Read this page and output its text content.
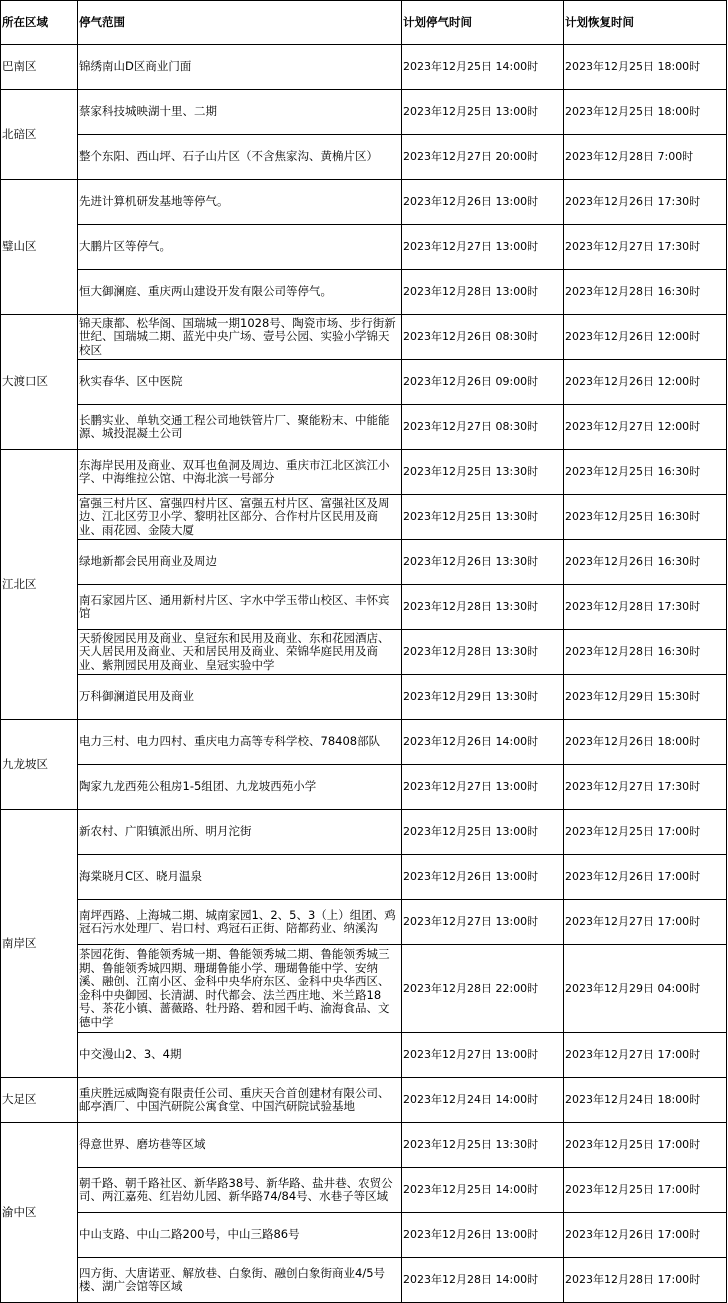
所在区域	停气范围	计划停气时间	计划恢复时间
巴南区	锦绣南山D区商业门面	2023年12月25日 14:00时	2023年12月25日 18:00时
北碚区	蔡家科技城映湖十里、二期	2023年12月25日 13:00时	2023年12月25日 18:00时
	整个东阳、西山坪、石子山片区（不含焦家沟、黄桷片区）	2023年12月27日 20:00时	2023年12月28日 7:00时
璧山区	先进计算机研发基地等停气。	2023年12月26日 13:00时	2023年12月26日 17:30时
	大鹏片区等停气。	2023年12月27日 13:00时	2023年12月27日 17:30时
	恒大御澜庭、重庆两山建设开发有限公司等停气。	2023年12月28日 13:00时	2023年12月28日 16:30时
大渡口区	锦天康都、松华阁、国瑞城一期1028号、陶瓷市场、步行街新世纪、国瑞城二期、蓝光中央广场、壹号公园、实验小学锦天校区	2023年12月26日 08:30时	2023年12月26日 12:00时
	秋实春华、区中医院	2023年12月26日 09:00时	2023年12月26日 12:00时
	长鹏实业、单轨交通工程公司地铁管片厂、聚能粉末、中能能源、城投混凝土公司	2023年12月27日 08:30时	2023年12月27日 12:00时
江北区	东海岸民用及商业、双耳也鱼洞及周边、重庆市江北区滨江小学、中海维拉公馆、中海北滨一号部分	2023年12月25日 13:30时	2023年12月25日 16:30时
	富强三村片区、富强四村片区、富强五村片区、富强社区及周边、江北区劳卫小学、黎明社区部分、合作村片区民用及商业、雨花园、金陵大厦	2023年12月25日 13:30时	2023年12月25日 16:30时
	绿地新都会民用商业及周边	2023年12月26日 13:30时	2023年12月26日 16:30时
	南石家园片区、通用新村片区、字水中学玉带山校区、丰怀宾馆	2023年12月28日 13:30时	2023年12月28日 17:30时
	天骄俊园民用及商业、皇冠东和民用及商业、东和花园酒店、天人居民用及商业、天和居民用及商业、荣锦华庭民用及商业、紫荆园民用及商业、皇冠实验中学	2023年12月28日 13:30时	2023年12月28日 16:30时
	万科御澜道民用及商业	2023年12月29日 13:30时	2023年12月29日 15:30时
九龙坡区	电力三村、电力四村、重庆电力高等专科学校、78408部队	2023年12月26日 14:00时	2023年12月26日 18:00时
	陶家九龙西苑公租房1-5组团、九龙坡西苑小学	2023年12月27日 13:00时	2023年12月27日 17:30时
南岸区	新农村、广阳镇派出所、明月沱街	2023年12月25日 13:00时	2023年12月25日 17:00时
	海棠晓月C区、晓月温泉	2023年12月26日 13:00时	2023年12月26日 17:00时
	南坪西路、上海城二期、城南家园1、2、5、3（上）组团、鸡冠石污水处理厂、岩口村、鸡冠石正街、陪都药业、纳溪沟	2023年12月27日 13:00时	2023年12月27日 17:00时
	茶园花街、鲁能领秀城一期、鲁能领秀城二期、鲁能领秀城三期、鲁能领秀城四期、珊瑚鲁能小学、珊瑚鲁能中学、安纳溪、融创、江南小区、金科中央华府东区、金科中央华西区、金科中央御园、长清湖、时代都会、法兰西庄地、米兰路18号、茶花小镇、蔷薇路、牡丹路、碧和园千屿、渝海食品、文德中学	2023年12月28日 22:00时	2023年12月29日 04:00时
	中交漫山2、3、4期	2023年12月27日 13:00时	2023年12月27日 17:00时
大足区	重庆胜远威陶瓷有限责任公司、重庆天合首创建材有限公司、邮亭酒厂、中国汽研院公寓食堂、中国汽研院试验基地	2023年12月24日 14:00时	2023年12月24日 18:00时
渝中区	得意世界、磨坊巷等区域	2023年12月25日 13:30时	2023年12月25日 17:00时
	朝千路、朝千路社区、新华路38号、新华路、盐井巷、农贸公司、两江嘉苑、红岩幼儿园、新华路74/84号、水巷子等区域	2023年12月25日 14:00时	2023年12月25日 17:00时
	中山支路、中山二路200号，中山三路86号	2023年12月26日 13:00时	2023年12月26日 17:00时
	四方街、大唐诺亚、解放巷、白象街、融创白象街商业4/5号楼、湖广会馆等区域	2023年12月28日 14:00时	2023年12月28日 17:00时
